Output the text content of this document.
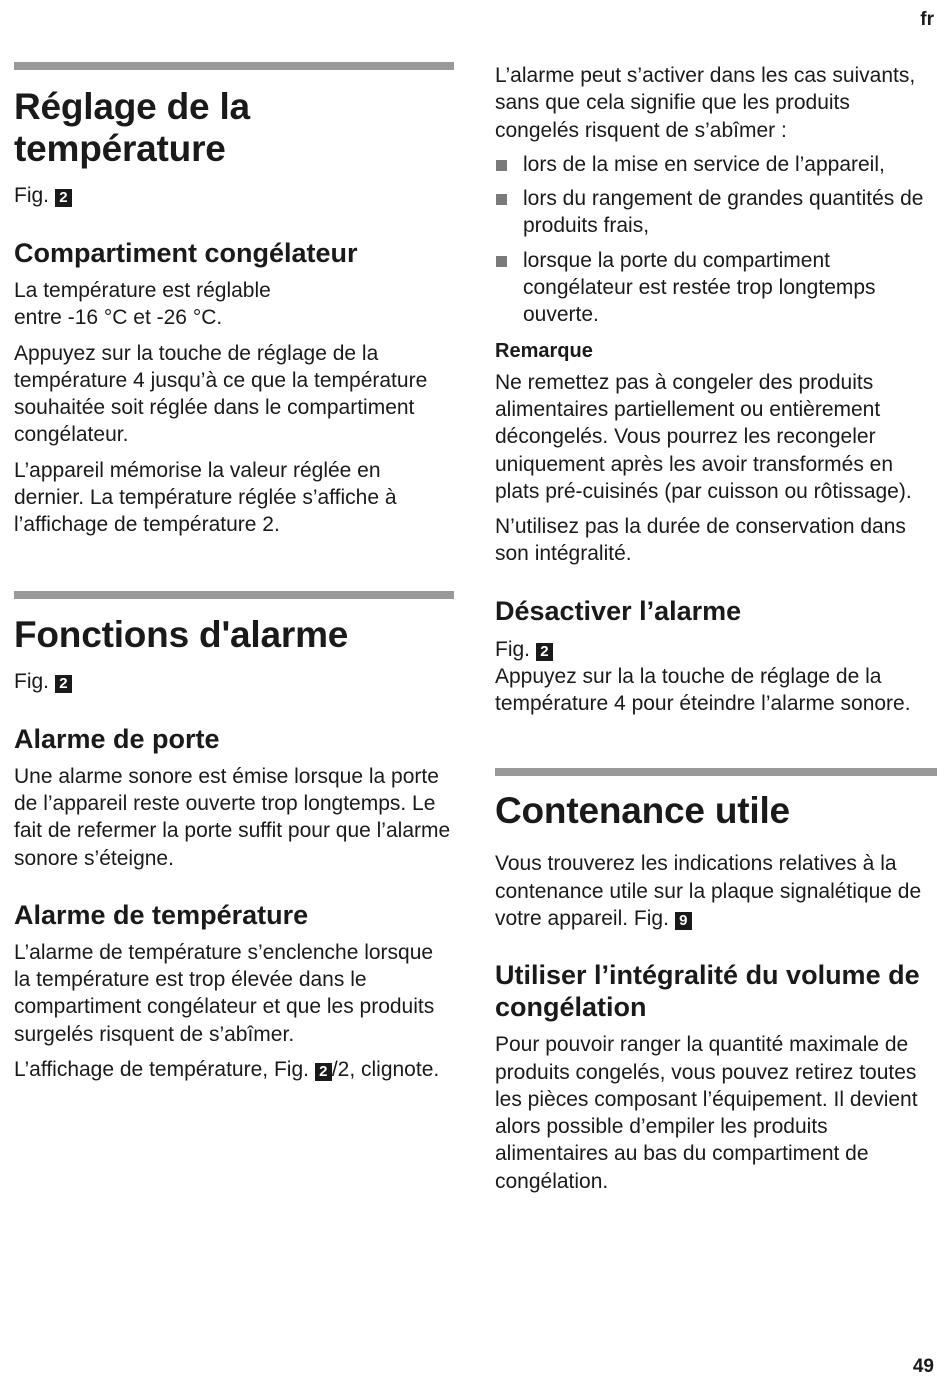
fr
Réglage de la température
Fig. 2
Compartiment congélateur

La température est réglable
entre -16 °C et -26 °C.

Appuyez sur la touche de réglage de la température 4 jusqu’à ce que la température souhaitée soit réglée dans le compartiment congélateur.

L’appareil mémorise la valeur réglée en dernier. La température réglée s’affiche à l’affichage de température 2.

Fonctions d'alarme
Fig. 2
Alarme de porte

Une alarme sonore est émise lorsque la porte de l’appareil reste ouverte trop longtemps. Le fait de refermer la porte suffit pour que l’alarme sonore s’éteigne.

Alarme de température

L’alarme de température s’enclenche lorsque la température est trop élevée dans le compartiment congélateur et que les produits surgelés risquent de s’abîmer.

L’affichage de température, Fig. 2 /2, clignote.

L’alarme peut s’activer dans les cas suivants, sans que cela signifie que les produits congelés risquent de s’abîmer :

lors de la mise en service de l’appareil,
lors du rangement de grandes quantités de produits frais,
lorsque la porte du compartiment congélateur est restée trop longtemps ouverte.
Remarque

Ne remettez pas à congeler des produits alimentaires partiellement ou entièrement décongelés. Vous pourrez les recongeler uniquement après les avoir transformés en plats pré-cuisinés (par cuisson ou rôtissage).

N’utilisez pas la durée de conservation dans son intégralité.

Désactiver l’alarme
Fig. 2

Appuyez sur la la touche de réglage de la température 4 pour éteindre l’alarme sonore.

Contenance utile

Vous trouverez les indications relatives à la contenance utile sur la plaque signalétique de votre appareil. Fig. 9

Utiliser l’intégralité du volume de congélation

Pour pouvoir ranger la quantité maximale de produits congelés, vous pouvez retirez toutes les pièces composant l’équipement. Il devient alors possible d’empiler les produits alimentaires au bas du compartiment de congélation.

49
